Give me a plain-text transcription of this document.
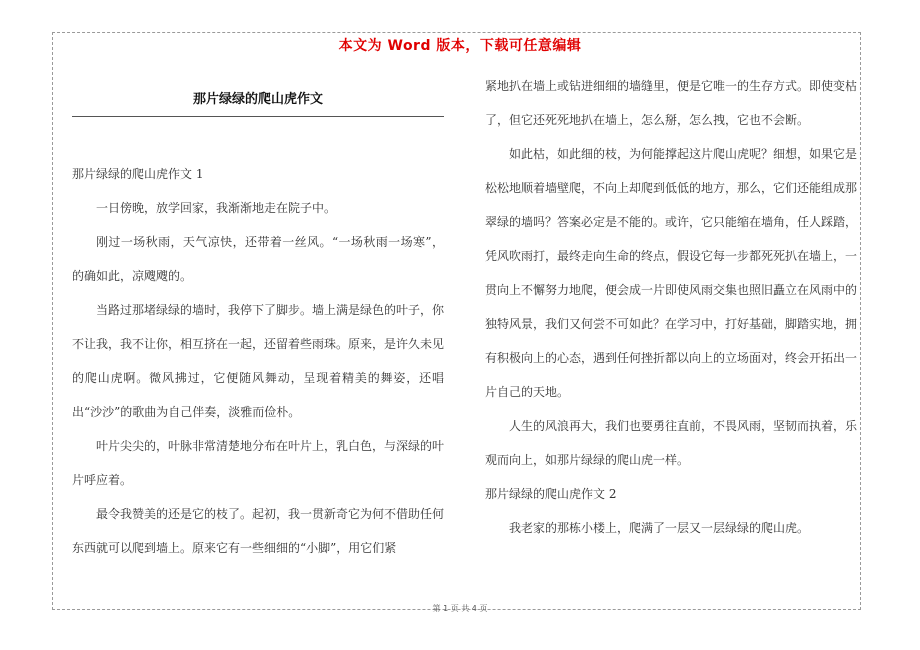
本文为 Word 版本，下载可任意编辑
那片绿绿的爬山虎作文

那片绿绿的爬山虎作文 1

一日傍晚，放学回家，我渐渐地走在院子中。

刚过一场秋雨，天气凉快，还带着一丝风。“一场秋雨一场寒”，的确如此，凉飕飕的。

当路过那堵绿绿的墙时，我停下了脚步。墙上满是绿色的叶子，你不让我，我不让你，相互挤在一起，还留着些雨珠。原来，是许久未见的爬山虎啊。微风拂过，它便随风舞动，呈现着精美的舞姿，还唱出“沙沙”的歌曲为自己伴奏，淡雅而俭朴。

叶片尖尖的，叶脉非常清楚地分布在叶片上，乳白色，与深绿的叶片呼应着。

最令我赞美的还是它的枝了。起初，我一贯新奇它为何不借助任何东西就可以爬到墙上。原来它有一些细细的“小脚”，用它们紧

紧地扒在墙上或钻进细细的墙缝里，便是它唯一的生存方式。即使变枯了，但它还死死地扒在墙上，怎么掰，怎么拽，它也不会断。

如此枯，如此细的枝，为何能撑起这片爬山虎呢？细想，如果它是松松地顺着墙壁爬，不向上却爬到低低的地方，那么，它们还能组成那翠绿的墙吗？答案必定是不能的。或许，它只能缩在墙角，任人踩踏，凭风吹雨打，最终走向生命的终点，假设它每一步都死死扒在墙上，一贯向上不懈努力地爬，便会成一片即使风雨交集也照旧矗立在风雨中的独特风景，我们又何尝不可如此？在学习中，打好基础，脚踏实地，拥有积极向上的心态，遇到任何挫折都以向上的立场面对，终会开拓出一片自己的天地。

人生的风浪再大，我们也要勇往直前，不畏风雨，坚韧而执着，乐观而向上，如那片绿绿的爬山虎一样。

那片绿绿的爬山虎作文 2

我老家的那栋小楼上，爬满了一层又一层绿绿的爬山虎。

第 1 页 共 4 页
